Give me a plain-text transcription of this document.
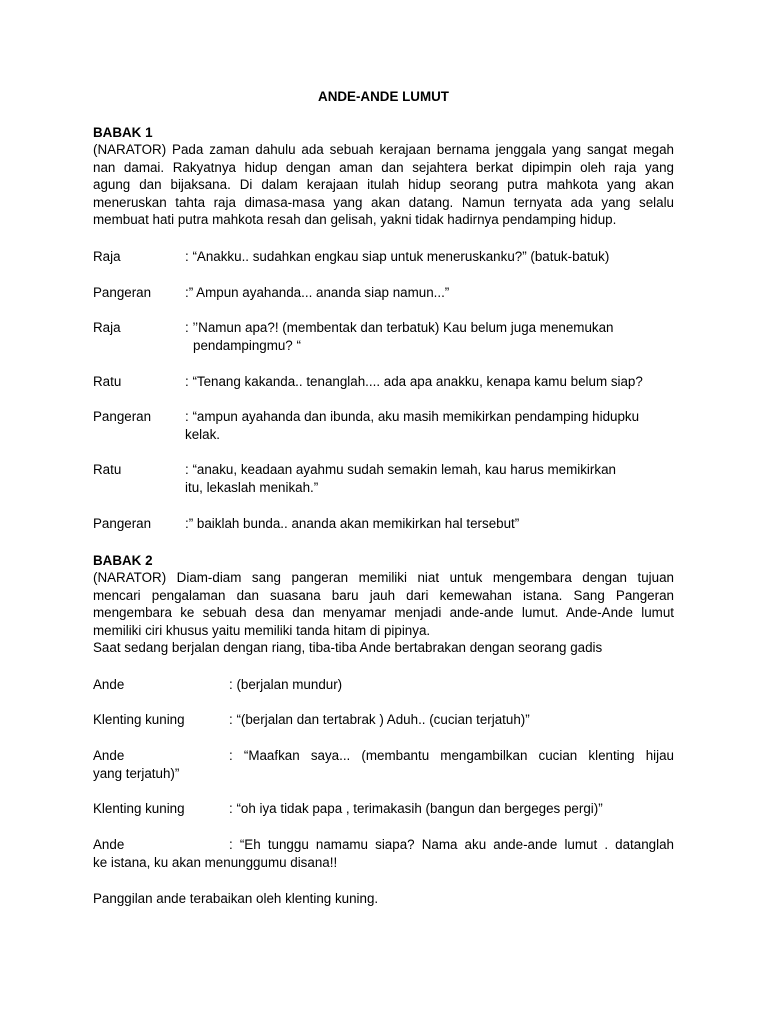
ANDE-ANDE LUMUT
BABAK 1
(NARATOR) Pada zaman dahulu ada sebuah kerajaan bernama jenggala yang sangat megah
nan damai. Rakyatnya hidup dengan aman dan sejahtera berkat dipimpin oleh raja yang
agung dan bijaksana. Di dalam kerajaan itulah hidup seorang putra mahkota yang akan
meneruskan tahta raja dimasa-masa yang akan datang. Namun ternyata ada yang selalu
membuat hati putra mahkota resah dan gelisah, yakni tidak hadirnya pendamping hidup.
Raja	: “Anakku.. sudahkan engkau siap untuk meneruskanku?” (batuk-batuk)
Pangeran	:” Ampun ayahanda... ananda siap namun...”
Raja	: ’’Namun apa?! (membentak dan terbatuk) Kau belum juga menemukan
pendampingmu? “
Ratu	: “Tenang kakanda.. tenanglah.... ada apa anakku, kenapa kamu belum siap?
Pangeran	: “ampun ayahanda dan ibunda, aku masih memikirkan pendamping hidupku
kelak.
Ratu	: “anaku, keadaan ayahmu sudah semakin lemah, kau harus memikirkan
itu, lekaslah menikah.”
Pangeran	:” baiklah bunda.. ananda akan memikirkan hal tersebut”
BABAK 2
(NARATOR) Diam-diam sang pangeran memiliki niat untuk mengembara dengan tujuan
mencari pengalaman dan suasana baru jauh dari kemewahan istana. Sang Pangeran
mengembara ke sebuah desa dan menyamar menjadi ande-ande lumut. Ande-Ande lumut
memiliki ciri khusus yaitu memiliki tanda hitam di pipinya.
Saat sedang berjalan dengan riang, tiba-tiba Ande bertabrakan dengan seorang gadis
Ande	: (berjalan mundur)
Klenting kuning	: “(berjalan dan tertabrak ) Aduh.. (cucian terjatuh)”
Ande	: “Maafkan saya... (membantu mengambilkan cucian klenting hijau
yang terjatuh)”
Klenting kuning	: “oh iya tidak papa , terimakasih (bangun dan bergeges pergi)”
Ande	: “Eh tunggu namamu siapa? Nama aku ande-ande lumut . datanglah
ke istana, ku akan menunggumu disana!!
Panggilan ande terabaikan oleh klenting kuning.
